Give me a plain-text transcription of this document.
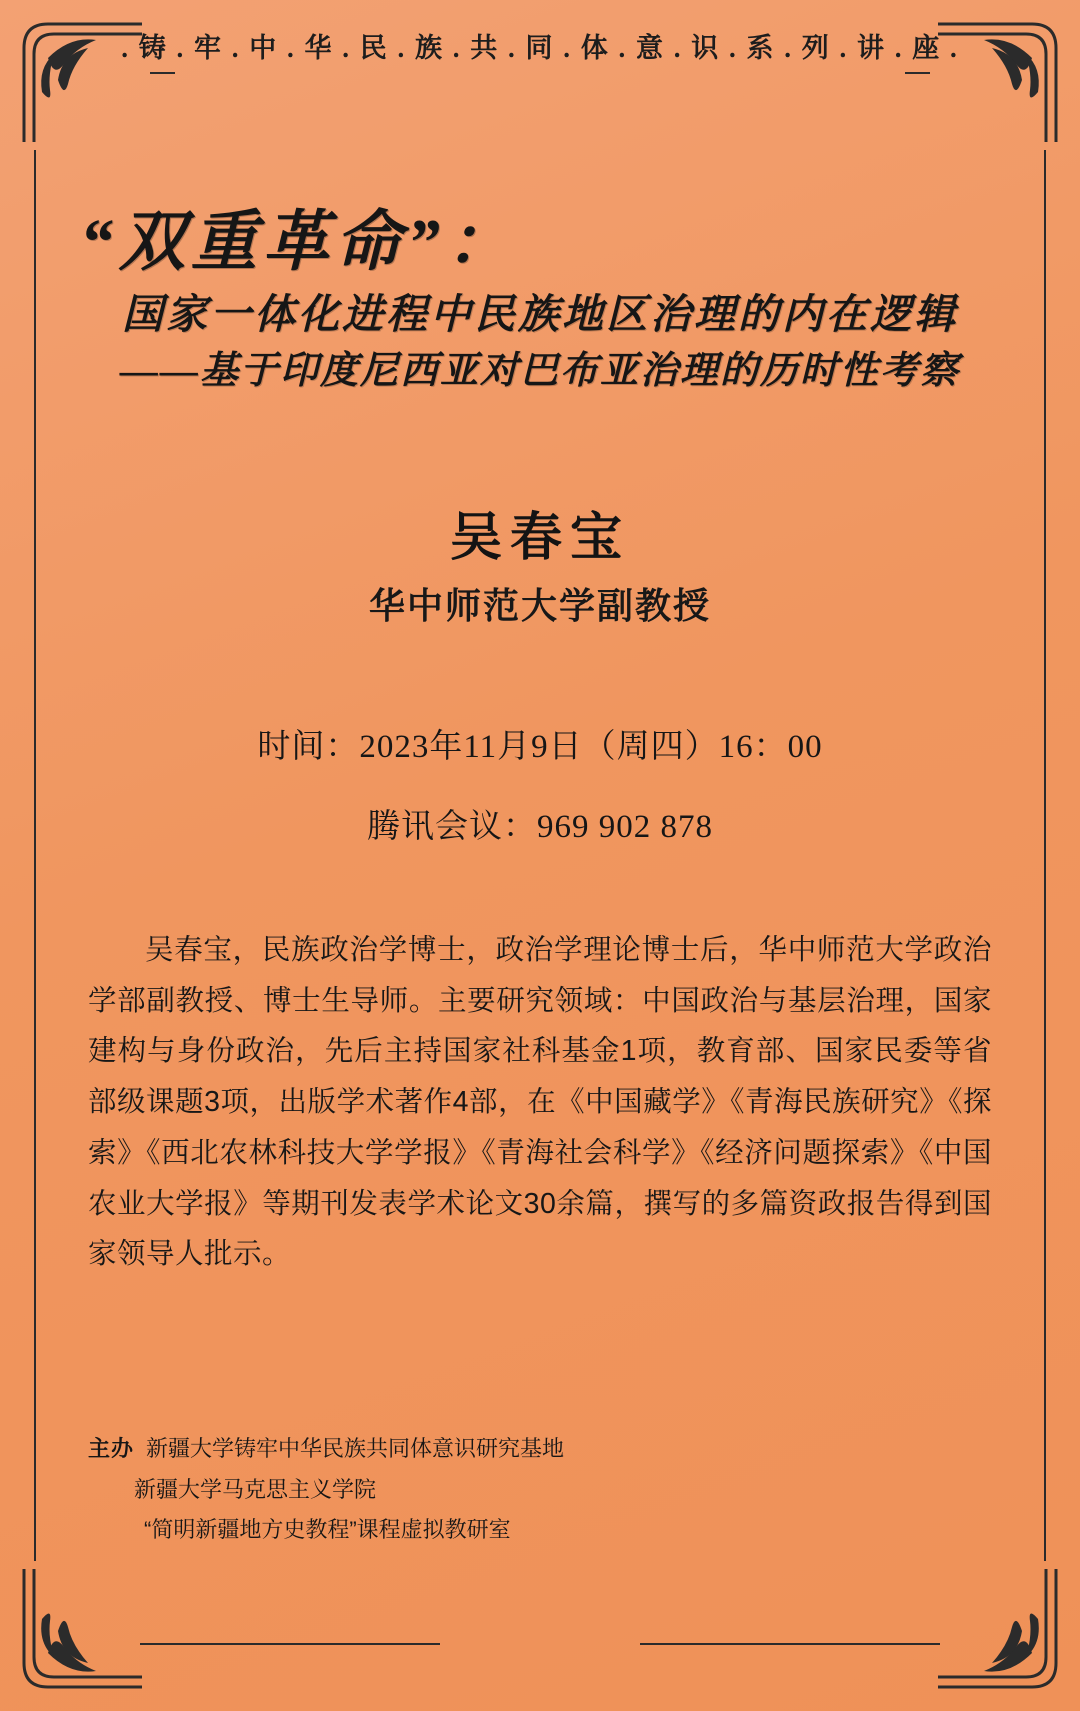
. 铸 . 牢 . 中 . 华 . 民 . 族 . 共 . 同 . 体 . 意 . 识 . 系 . 列 . 讲 . 座 .
“双重革命”：
国家一体化进程中民族地区治理的内在逻辑
——基于印度尼西亚对巴布亚治理的历时性考察
吴春宝
华中师范大学副教授
时间：2023年11月9日（周四）16：00
腾讯会议：969 902 878
吴春宝，民族政治学博士，政治学理论博士后，华中师范大学政治学部副教授、博士生导师。主要研究领域：中国政治与基层治理，国家建构与身份政治，先后主持国家社科基金1项，教育部、国家民委等省部级课题3项，出版学术著作4部，在《中国藏学》《青海民族研究》《探索》《西北农林科技大学学报》《青海社会科学》《经济问题探索》《中国农业大学报》等期刊发表学术论文30余篇，撰写的多篇资政报告得到国家领导人批示。
主办 新疆大学铸牢中华民族共同体意识研究基地
新疆大学马克思主义学院
“简明新疆地方史教程”课程虚拟教研室
